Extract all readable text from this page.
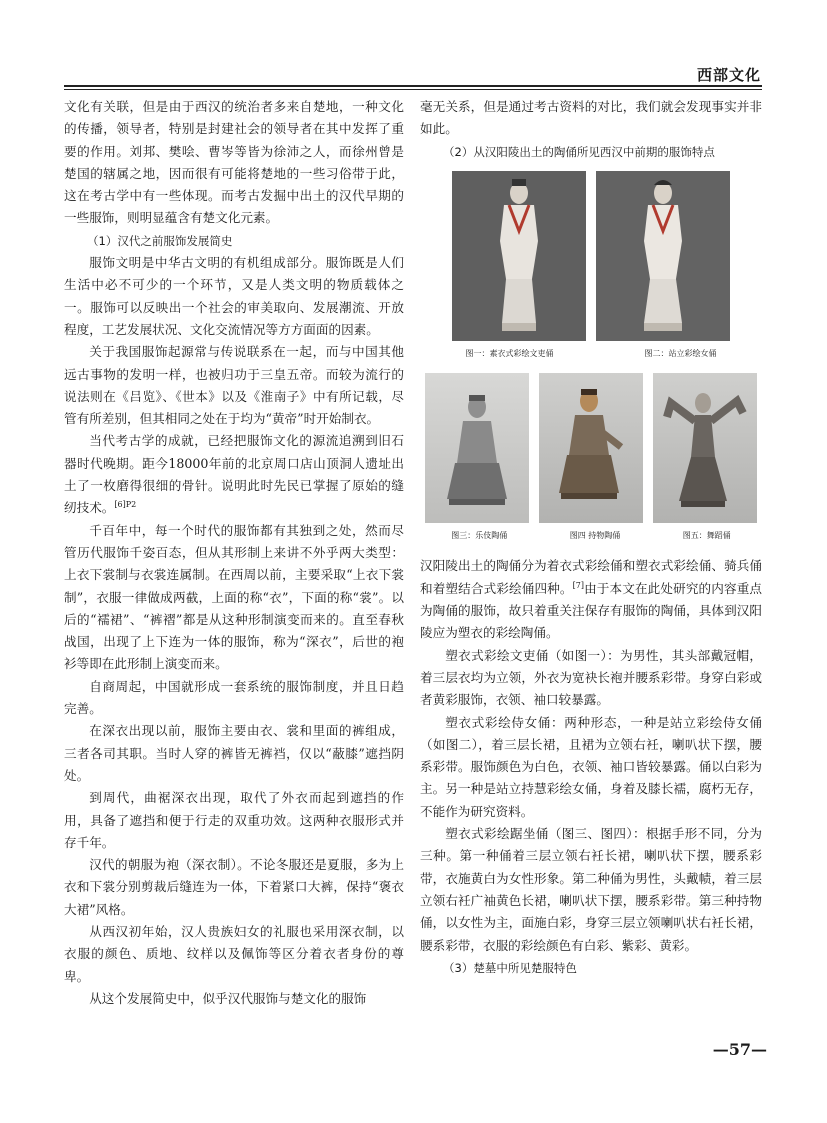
西部文化

文化有关联，但是由于西汉的统治者多来自楚地，一种文化的传播，领导者，特别是封建社会的领导者在其中发挥了重要的作用。刘邦、樊哙、曹岑等皆为徐沛之人，而徐州曾是楚国的辖属之地，因而很有可能将楚地的一些习俗带于此，这在考古学中有一些体现。而考古发掘中出土的汉代早期的一些服饰，则明显蕴含有楚文化元素。

（1）汉代之前服饰发展简史

服饰文明是中华古文明的有机组成部分。服饰既是人们生活中必不可少的一个环节，又是人类文明的物质载体之一。服饰可以反映出一个社会的审美取向、发展潮流、开放程度，工艺发展状况、文化交流情况等方方面面的因素。

关于我国服饰起源常与传说联系在一起，而与中国其他远古事物的发明一样，也被归功于三皇五帝。而较为流行的说法则在《吕览》、《世本》以及《淮南子》中有所记载，尽管有所差别，但其相同之处在于均为“黄帝”时开始制衣。

当代考古学的成就，已经把服饰文化的源流追溯到旧石器时代晚期。距今18000年前的北京周口店山顶洞人遗址出土了一枚磨得很细的骨针。说明此时先民已掌握了原始的缝纫技术。$^{[6]P2}$

千百年中，每一个时代的服饰都有其独到之处，然而尽管历代服饰千姿百态，但从其形制上来讲不外乎两大类型：上衣下裳制与衣裳连属制。在西周以前，主要采取“上衣下裳制”，衣服一律做成两截，上面的称“衣”，下面的称“裳”。以后的“襦裙”、“裤褶”都是从这种形制演变而来的。直至春秋战国，出现了上下连为一体的服饰，称为“深衣”，后世的袍衫等即在此形制上演变而来。

自商周起，中国就形成一套系统的服饰制度，并且日趋完善。

在深衣出现以前，服饰主要由衣、裳和里面的裤组成，三者各司其职。当时人穿的裤皆无裤裆，仅以“蔽膝”遮挡阴处。

到周代，曲裾深衣出现，取代了外衣而起到遮挡的作用，具备了遮挡和便于行走的双重功效。这两种衣服形式并存千年。

汉代的朝服为袍（深衣制）。不论冬服还是夏服，多为上衣和下裳分别剪裁后缝连为一体，下着紧口大裤，保持“褒衣大裙”风格。

从西汉初年始，汉人贵族妇女的礼服也采用深衣制，以衣服的颜色、质地、纹样以及佩饰等区分着衣者身份的尊卑。

从这个发展简史中，似乎汉代服饰与楚文化的服饰

毫无关系，但是通过考古资料的对比，我们就会发现事实并非如此。

（2）从汉阳陵出土的陶俑所见西汉中前期的服饰特点

图一：素衣式彩绘文吏俑	图二：站立彩绘女俑
图三：乐伎陶俑	图四 持物陶俑	图五：舞蹈俑

汉阳陵出土的陶俑分为着衣式彩绘俑和塑衣式彩绘俑、骑兵俑和着塑结合式彩绘俑四种。[7]由于本文在此处研究的内容重点为陶俑的服饰，故只着重关注保存有服饰的陶俑，具体到汉阳陵应为塑衣的彩绘陶俑。

塑衣式彩绘文吏俑（如图一）：为男性，其头部戴冠帽，着三层衣均为立领，外衣为宽袂长袍并腰系彩带。身穿白彩或者黄彩服饰，衣领、袖口较暴露。

塑衣式彩绘侍女俑：两种形态，一种是站立彩绘侍女俑（如图二），着三层长裙，且裙为立领右衽，喇叭状下摆，腰系彩带。服饰颜色为白色，衣领、袖口皆较暴露。俑以白彩为主。另一种是站立持慧彩绘女俑，身着及膝长襦，腐朽无存，不能作为研究资料。

塑衣式彩绘踞坐俑（图三、图四）：根据手形不同，分为三种。第一种俑着三层立领右衽长裙，喇叭状下摆，腰系彩带，衣施黄白为女性形象。第二种俑为男性，头戴帻，着三层立领右衽广袖黄色长裙，喇叭状下摆，腰系彩带。第三种持物俑，以女性为主，面施白彩，身穿三层立领喇叭状右衽长裙，腰系彩带，衣服的彩绘颜色有白彩、紫彩、黄彩。

（3）楚墓中所见楚服特色

—57—
